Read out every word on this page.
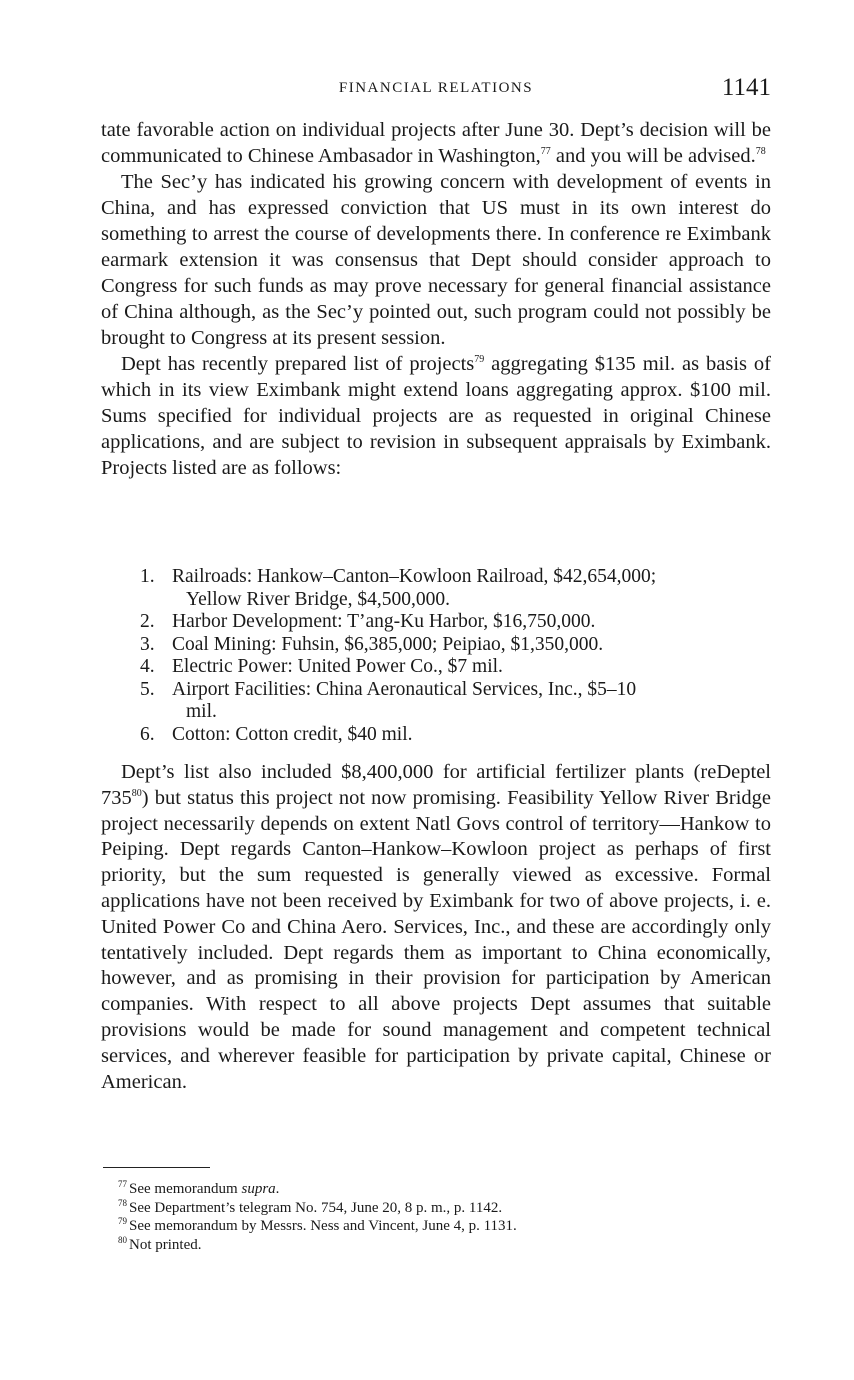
FINANCIAL RELATIONS	1141

tate favorable action on individual projects after June 30. Dept’s decision will be communicated to Chinese Ambasador in Washington,$^{77}$ and you will be advised.$^{78}$

The Sec’y has indicated his growing concern with development of events in China, and has expressed conviction that US must in its own interest do something to arrest the course of developments there. In conference re Eximbank earmark extension it was consensus that Dept should consider approach to Congress for such funds as may prove necessary for general financial assistance of China although, as the Sec’y pointed out, such program could not possibly be brought to Congress at its present session.

Dept has recently prepared list of projects$^{79}$ aggregating $135 mil. as basis of which in its view Eximbank might extend loans aggregating approx. $100 mil. Sums specified for individual projects are as requested in original Chinese applications, and are subject to revision in subsequent appraisals by Eximbank. Projects listed are as follows:

1. Railroads: Hankow–Canton–Kowloon Railroad, $42,654,000;
Yellow River Bridge, $4,500,000.
2. Harbor Development: T’ang-Ku Harbor, $16,750,000.
3. Coal Mining: Fuhsin, $6,385,000; Peipiao, $1,350,000.
4. Electric Power: United Power Co., $7 mil.
5. Airport Facilities: China Aeronautical Services, Inc., $5–10
mil.
6. Cotton: Cotton credit, $40 mil.

Dept’s list also included $8,400,000 for artificial fertilizer plants (reDeptel $735^{80}$) but status this project not now promising. Feasibility Yellow River Bridge project necessarily depends on extent Natl Govs control of territory—Hankow to Peiping. Dept regards Canton–Hankow–Kowloon project as perhaps of first priority, but the sum requested is generally viewed as excessive. Formal applications have not been received by Eximbank for two of above projects, i. e. United Power Co and China Aero. Services, Inc., and these are accordingly only tentatively included. Dept regards them as important to China economically, however, and as promising in their provision for participation by American companies. With respect to all above projects Dept assumes that suitable provisions would be made for sound management and competent technical services, and wherever feasible for participation by private capital, Chinese or American.

$^{77}$ See memorandum supra.
$^{78}$ See Department’s telegram No. 754, June 20, 8 p. m., p. 1142.
$^{79}$ See memorandum by Messrs. Ness and Vincent, June 4, p. 1131.
$^{80}$ Not printed.
